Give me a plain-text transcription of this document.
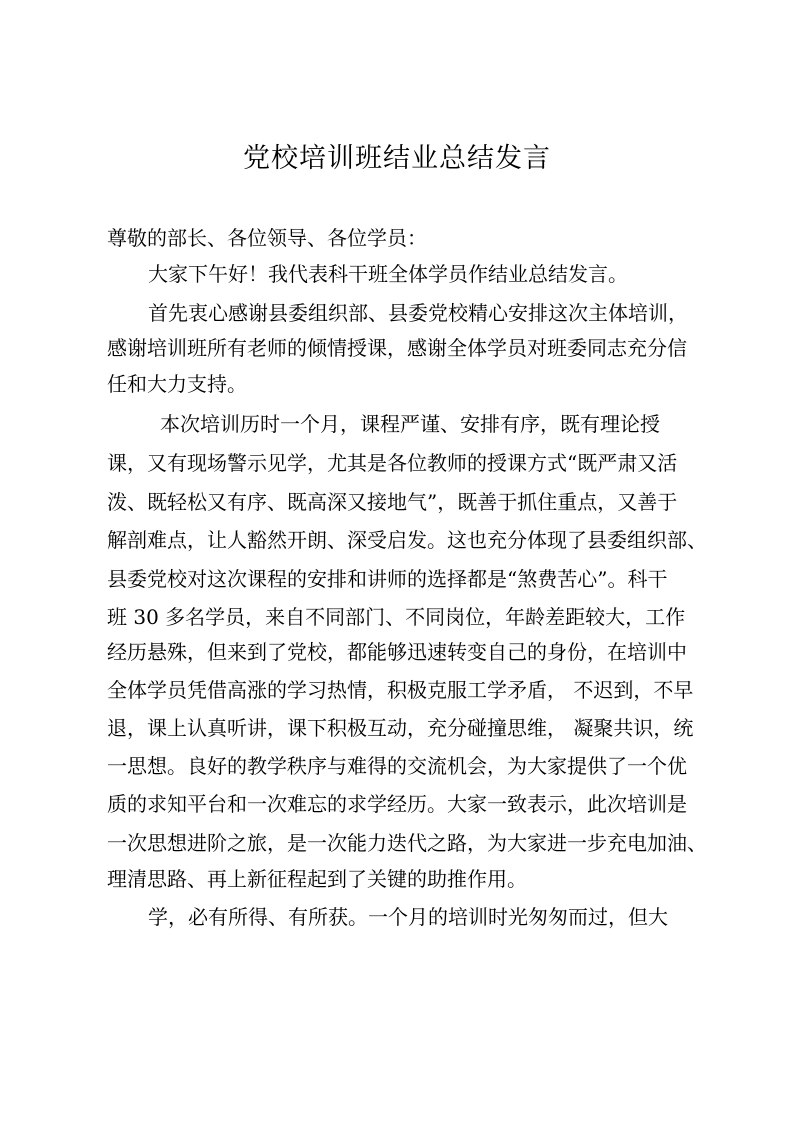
党校培训班结业总结发言

尊敬的部长、各位领导、各位学员：

大家下午好！我代表科干班全体学员作结业总结发言。

首先衷心感谢县委组织部、县委党校精心安排这次主体培训，

感谢培训班所有老师的倾情授课，感谢全体学员对班委同志充分信

任和大力支持。

本次培训历时一个月，课程严谨、安排有序，既有理论授

课，又有现场警示见学，尤其是各位教师的授课方式“既严肃又活

泼、既轻松又有序、既高深又接地气”，既善于抓住重点，又善于

解剖难点，让人豁然开朗、深受启发。这也充分体现了县委组织部、

县委党校对这次课程的安排和讲师的选择都是“煞费苦心”。科干

班 30 多名学员，来自不同部门、不同岗位，年龄差距较大，工作

经历悬殊，但来到了党校，都能够迅速转变自己的身份，在培训中

全体学员凭借高涨的学习热情，积极克服工学矛盾， 不迟到，不早

退，课上认真听讲，课下积极互动，充分碰撞思维， 凝聚共识，统

一思想。良好的教学秩序与难得的交流机会，为大家提供了一个优

质的求知平台和一次难忘的求学经历。大家一致表示，此次培训是

一次思想进阶之旅，是一次能力迭代之路，为大家进一步充电加油、

理清思路、再上新征程起到了关键的助推作用。

学，必有所得、有所获。一个月的培训时光匆匆而过，但大
